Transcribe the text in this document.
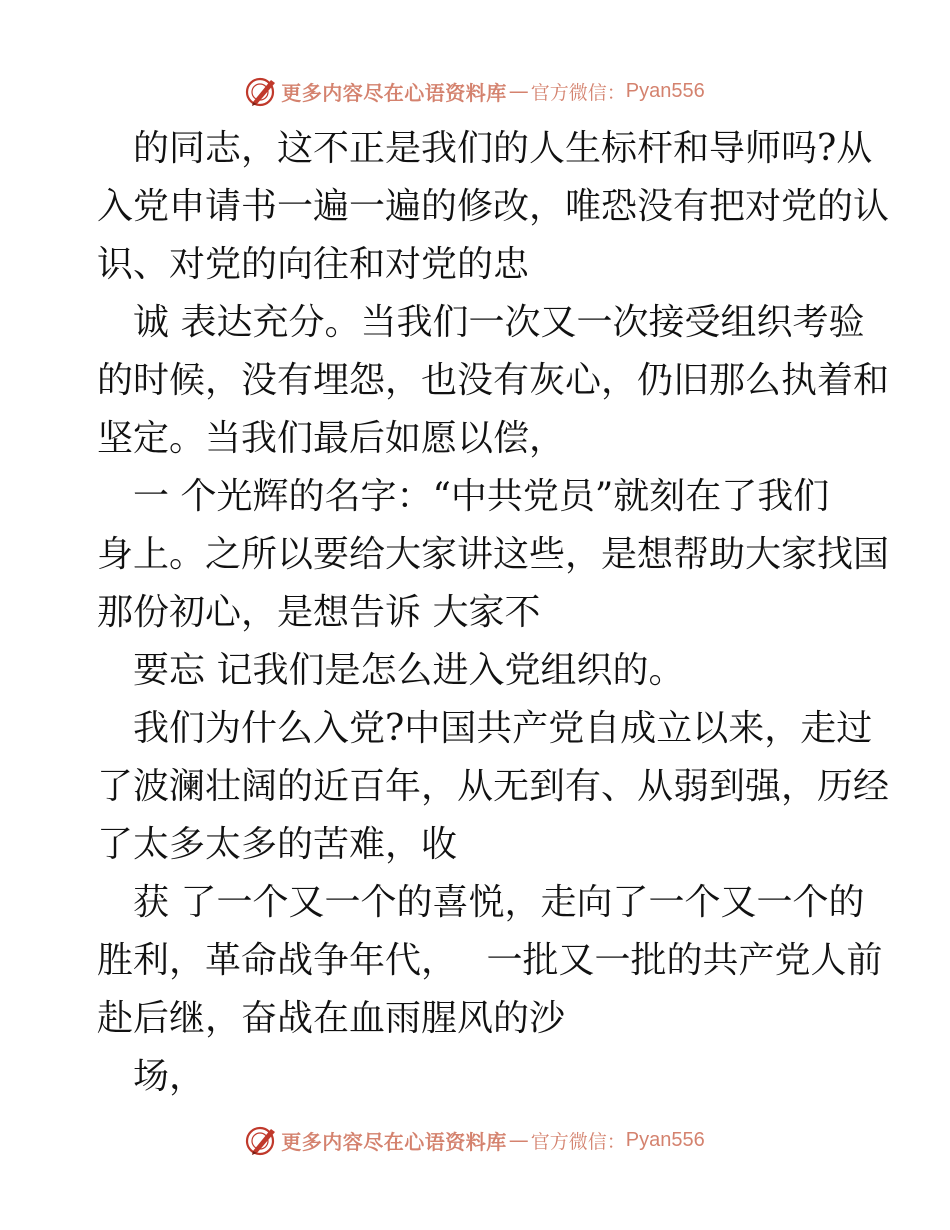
更多内容尽在心语资料库 — 官方微信： Pyan556

　的同志，这不正是我们的人生标杆和导师吗?从

入党申请书一遍一遍的修改，唯恐没有把对党的认

识、对党的向往和对党的忠

　诚 表达充分。当我们一次又一次接受组织考验

的时候，没有埋怨，也没有灰心，仍旧那么执着和

坚定。当我们最后如愿以偿，

　一 个光辉的名字：“中共党员”就刻在了我们

身上。之所以要给大家讲这些，是想帮助大家找国

那份初心，是想告诉 大家不

　要忘 记我们是怎么进入党组织的。

　我们为什么入党?中国共产党自成立以来，走过

了波澜壮阔的近百年，从无到有、从弱到强，历经

了太多太多的苦难，收

　获 了一个又一个的喜悦，走向了一个又一个的

胜利，革命战争年代，　 一批又一批的共产党人前

赴后继，奋战在血雨腥风的沙

　场，

更多内容尽在心语资料库 — 官方微信： Pyan556
